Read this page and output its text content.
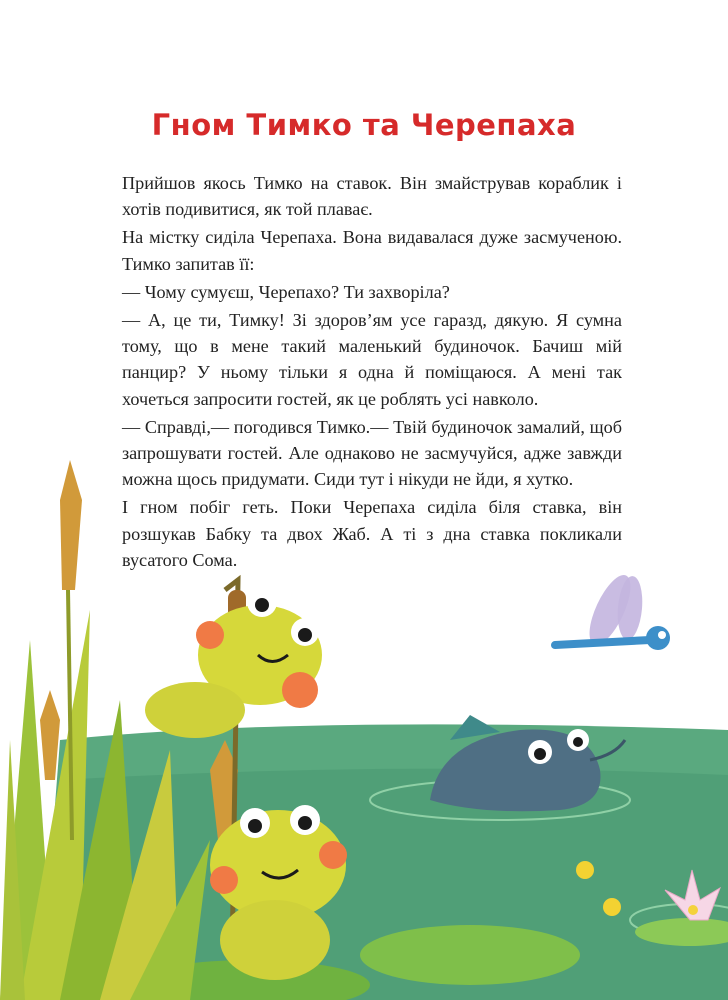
Гном Тимко та Черепаха

Прийшов якось Тимко на ставок. Він змайстрував кораблик і хотів подивитися, як той плаває.

На містку сиділа Черепаха. Вона видавалася дуже засмученою. Тимко запитав її:

— Чому сумуєш, Черепахо? Ти захворіла?

— А, це ти, Тимку! Зі здоров’ям усе гаразд, дякую. Я сумна тому, що в мене такий маленький будиночок. Бачиш мій панцир? У ньому тільки я одна й поміщаюся. А мені так хочеться запросити гостей, як це роблять усі навколо.

— Справді,— погодився Тимко.— Твій будиночок замалий, щоб запрошувати гостей. Але однаково не засмучуйся, адже завжди можна щось придумати. Сиди тут і нікуди не йди, я хутко.

І гном побіг геть. Поки Черепаха сиділа біля ставка, він розшукав Бабку та двох Жаб. А ті з дна ставка покликали вусатого Сома.
